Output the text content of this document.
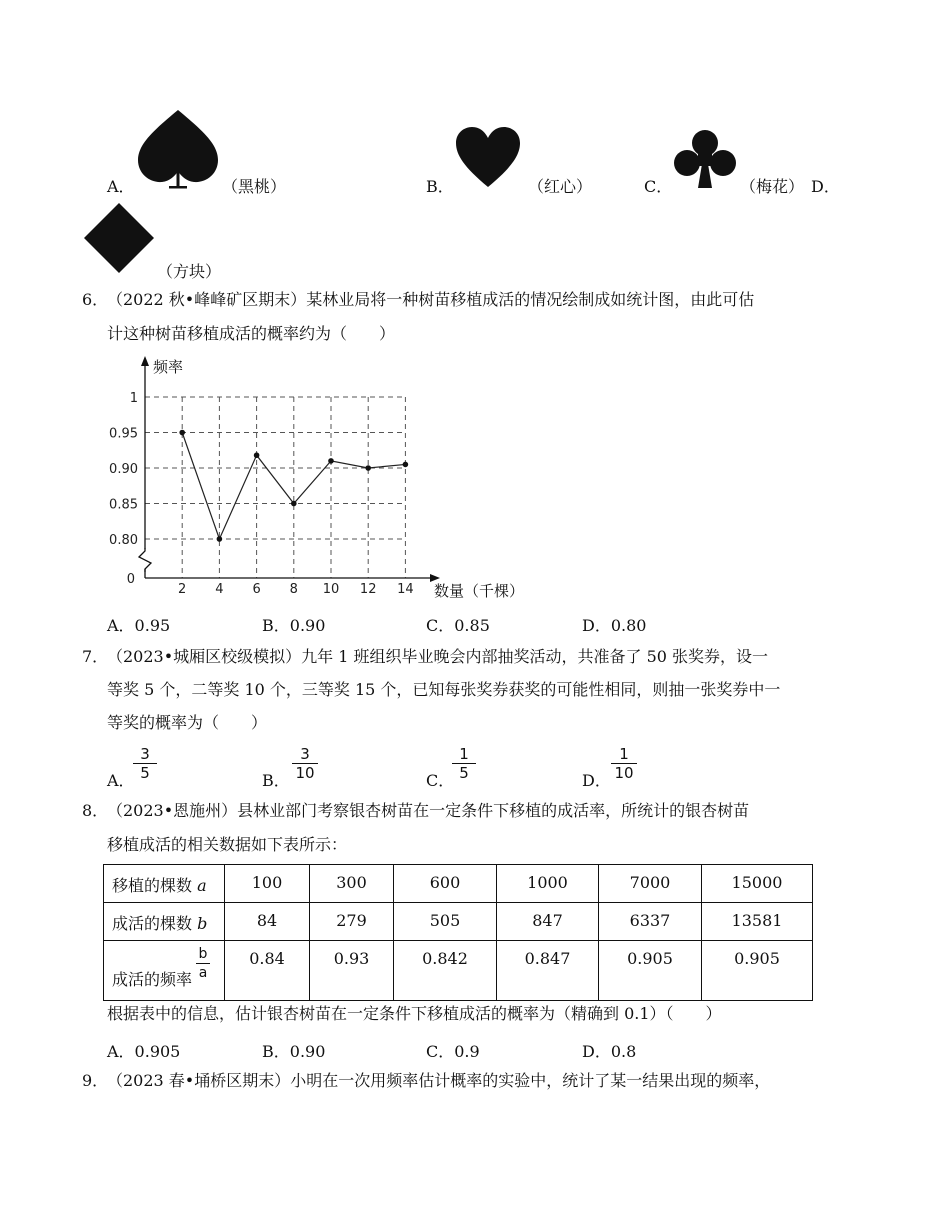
A．	（黑桃）	B．	（红心）	C．	（梅花） D．
（方块）
6．
（2022 秋•峰峰矿区期末）某林业局将一种树苗移植成活的情况绘制成如统计图，由此可估
计这种树苗移植成活的概率约为（　　）
0.80
0.85
0.90
0.95
1
0
2 4 6 8 10 12 14
频率
数量（千棵）
A．0.95	B．0.90	C．0.85	D．0.80
7．
（2023•城厢区校级模拟）九年 1 班组织毕业晚会内部抽奖活动，共准备了 50 张奖券，设一
等奖 5 个，二等奖 10 个，三等奖 15 个，已知每张奖券获奖的可能性相同，则抽一张奖券中一
等奖的概率为（　　）
A．
$\frac{3}{5}$	B． $\frac{3}{10}$	C．
$\frac{1}{5}$	D． $\frac{1}{10}$
8．
（2023•恩施州）县林业部门考察银杏树苗在一定条件下移植的成活率，所统计的银杏树苗
移植成活的相关数据如下表所示：
移植的棵数 a	100	300	600	1000	7000	15000
成活的棵数 b	84	279	505	847	6337	13581

成活的频率 $\frac{b}{a}$	0.84	0.93	0.842	0.847	0.905	0.905
根据表中的信息，估计银杏树苗在一定条件下移植成活的概率为（精确到 0.1）（　　）
A．0.905	B．0.90	C．0.9	D．0.8
9．
（2023 春•埇桥区期末）小明在一次用频率估计概率的实验中，统计了某一结果出现的频率，
